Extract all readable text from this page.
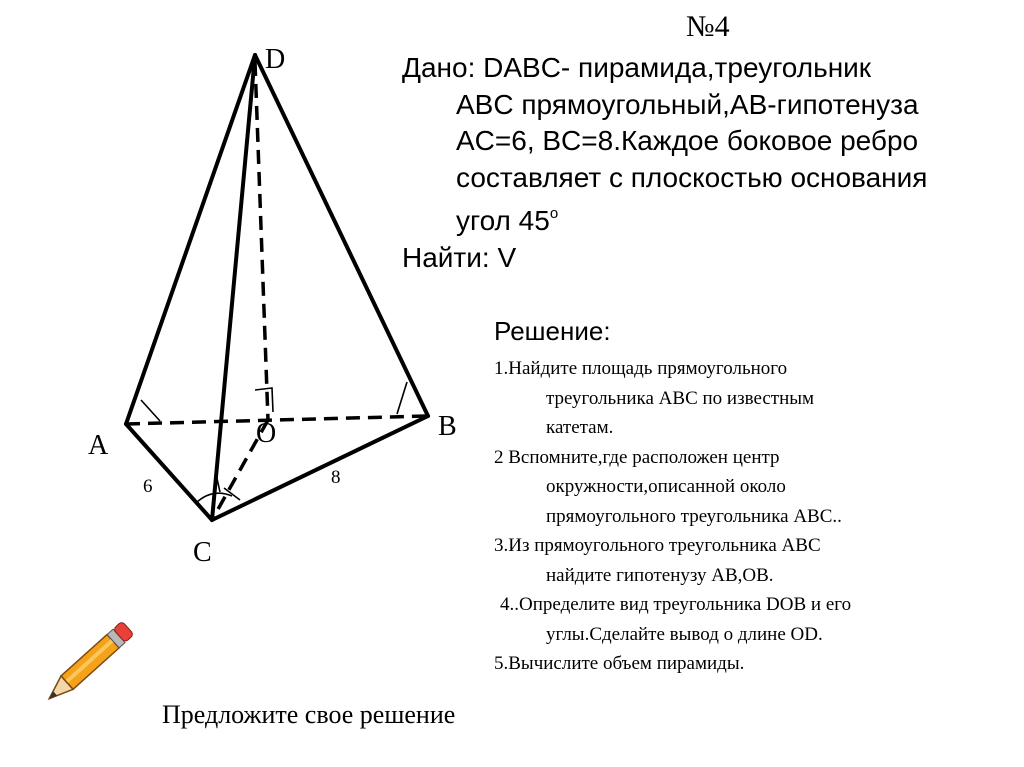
№4
Дано: DABC- пирамида,треугольник
ABC прямоугольный,AB-гипотенуза
AC=6, BC=8.Каждое боковое ребро
составляет с плоскостью основания
угол $45^о$
Найти: V
Решение:
1.Найдите площадь прямоугольного
треугольника ABC по известным
катетам.
2 Вспомните,где расположен центр
окружности,описанной около
прямоугольного треугольника ABC..
3.Из прямоугольного треугольника ABC
найдите гипотенузу AB,OB.
4..Определите вид треугольника DOB и его
углы.Сделайте вывод о длине OD.
5.Вычислите объем пирамиды.
Предложите свое решение
D
A
B
C
O
6	8
